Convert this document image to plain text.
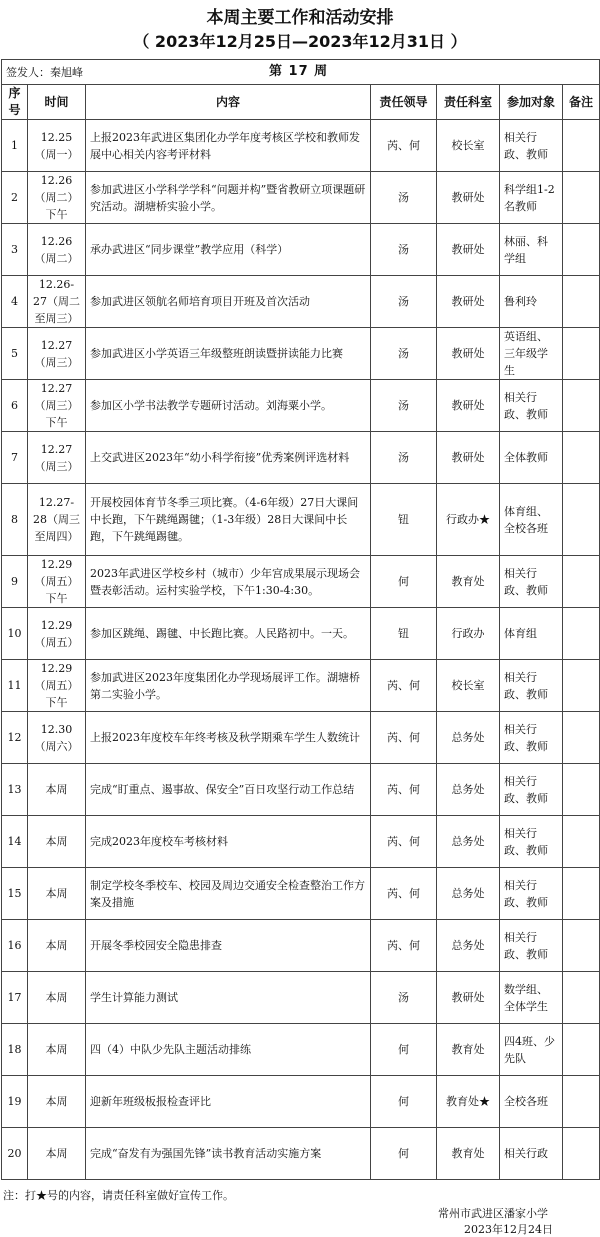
本周主要工作和活动安排
（ 2023年12月25日—2023年12月31日 ）
签发人：秦旭峰 第 17 周						

序号	时间	内容	责任领导	责任科室	参加对象	备注
1	12.25（周一）	上报2023年武进区集团化办学年度考核区学校和教师发展中心相关内容考评材料	芮、何	校长室	相关行政、教师	
2	12.26（周二）下午	参加武进区小学科学学科“问题并构”暨省教研立项课题研究活动。湖塘桥实验小学。	汤	教研处	科学组1-2名教师	
3	12.26（周二）	承办武进区“同步课堂”教学应用（科学）	汤	教研处	林丽、科学组	
4	12.26-27（周二至周三）	参加武进区领航名师培育项目开班及首次活动	汤	教研处	鲁利玲	
5	12.27（周三）	参加武进区小学英语三年级整班朗读暨拼读能力比赛	汤	教研处	英语组、三年级学生	
6	12.27（周三）下午	参加区小学书法教学专题研讨活动。刘海粟小学。	汤	教研处	相关行政、教师	
7	12.27（周三）	上交武进区2023年“幼小科学衔接”优秀案例评选材料	汤	教研处	全体教师	
8	12.27-28（周三至周四）	开展校园体育节冬季三项比赛。（4-6年级）27日大课间中长跑，下午跳绳踢毽；（1-3年级）28日大课间中长跑，下午跳绳踢毽。	钮	行政办★	体育组、全校各班	
9	12.29（周五）下午	2023年武进区学校乡村（城市）少年宫成果展示现场会暨表彰活动。运村实验学校，下午1:30-4:30。	何	教育处	相关行政、教师	
10	12.29（周五）	参加区跳绳、踢毽、中长跑比赛。人民路初中。一天。	钮	行政办	体育组	
11	12.29（周五）下午	参加武进区2023年度集团化办学现场展评工作。湖塘桥第二实验小学。	芮、何	校长室	相关行政、教师	
12	12.30（周六）	上报2023年度校车年终考核及秋学期乘车学生人数统计	芮、何	总务处	相关行政、教师	
13	本周	完成“盯重点、遏事故、保安全”百日攻坚行动工作总结	芮、何	总务处	相关行政、教师	
14	本周	完成2023年度校车考核材料	芮、何	总务处	相关行政、教师	
15	本周	制定学校冬季校车、校园及周边交通安全检查整治工作方案及措施	芮、何	总务处	相关行政、教师	
16	本周	开展冬季校园安全隐患排查	芮、何	总务处	相关行政、教师	
17	本周	学生计算能力测试	汤	教研处	数学组、全体学生	
18	本周	四（4）中队少先队主题活动排练	何	教育处	四4班、少先队	
19	本周	迎新年班级板报检查评比	何	教育处★	全校各班	
20	本周	完成“奋发有为强国先锋”读书教育活动实施方案	何	教育处	相关行政	
注：打★号的内容，请责任科室做好宣传工作。
常州市武进区潘家小学
2023年12月24日
